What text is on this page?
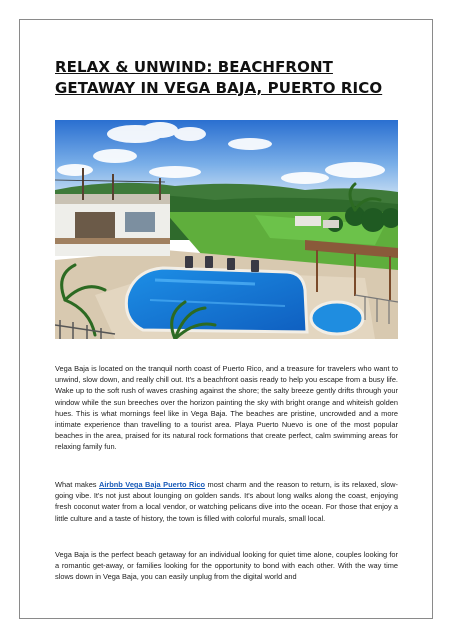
RELAX & UNWIND: BEACHFRONT GETAWAY IN VEGA BAJA, PUERTO RICO

Vega Baja is located on the tranquil north coast of Puerto Rico, and a treasure for travelers who want to unwind, slow down, and really chill out. It's a beachfront oasis ready to help you escape from a busy life. Wake up to the soft rush of waves crashing against the shore; the salty breeze gently drifts through your window while the sun breeches over the horizon painting the sky with bright orange and whiteish golden hues. This is what mornings feel like in Vega Baja. The beaches are pristine, uncrowded and a more intimate experience than travelling to a tourist area. Playa Puerto Nuevo is one of the most popular beaches in the area, praised for its natural rock formations that create perfect, calm swimming areas for relaxing family fun.

What makes Airbnb Vega Baja Puerto Rico most charm and the reason to return, is its relaxed, slow-going vibe. It's not just about lounging on golden sands. It's about long walks along the coast, enjoying fresh coconut water from a local vendor, or watching pelicans dive into the ocean. For those that enjoy a little culture and a taste of history, the town is filled with colorful murals, small local.

Vega Baja is the perfect beach getaway for an individual looking for quiet time alone, couples looking for a romantic get-away, or families looking for the opportunity to bond with each other. With the way time slows down in Vega Baja, you can easily unplug from the digital world and
